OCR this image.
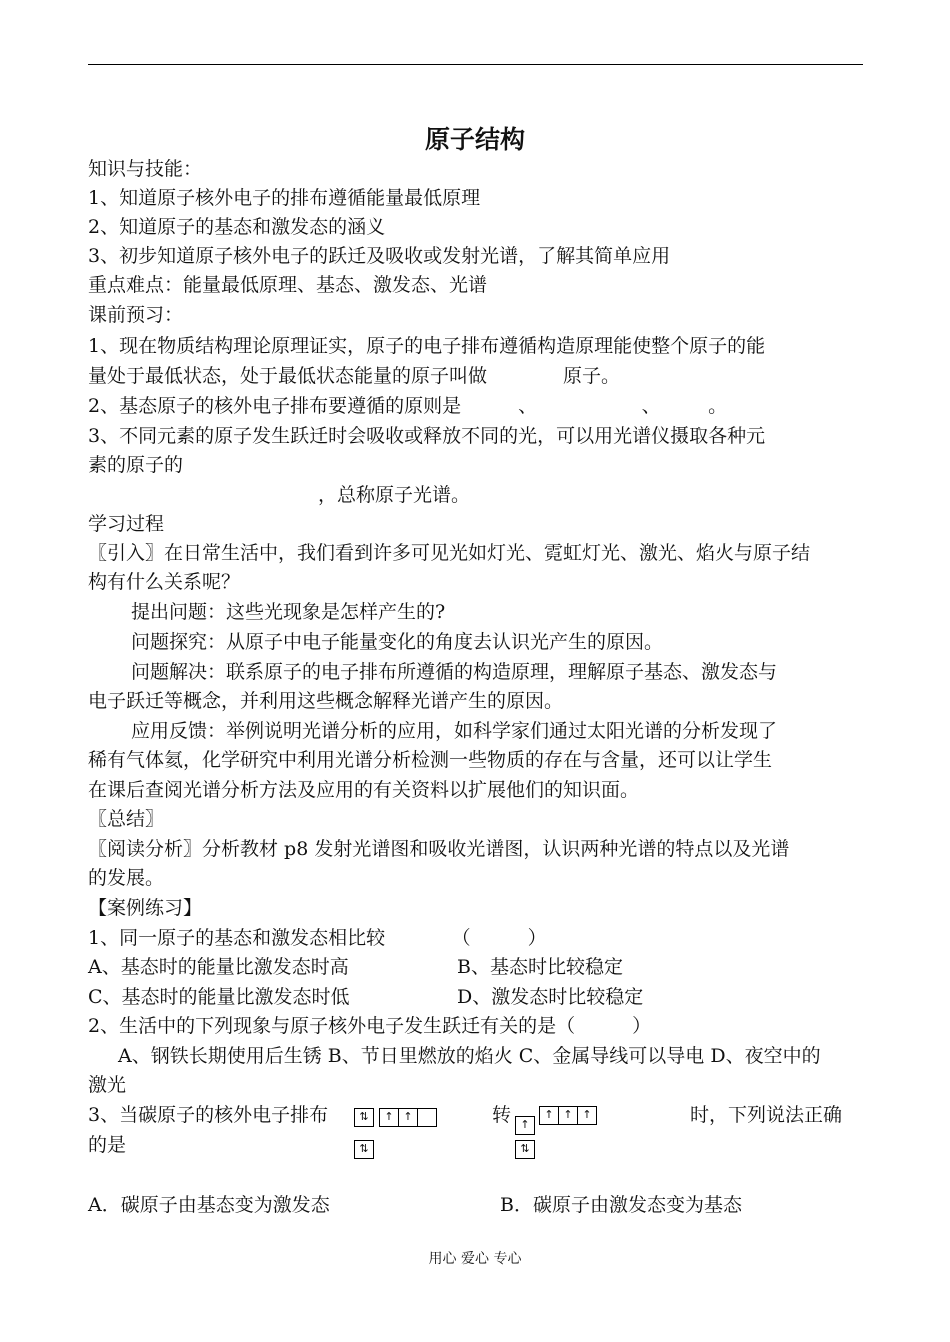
原子结构
知识与技能：
1、知道原子核外电子的排布遵循能量最低原理
2、知道原子的基态和激发态的涵义
3、初步知道原子核外电子的跃迁及吸收或发射光谱，了解其简单应用
重点难点：能量最低原理、基态、激发态、光谱
课前预习：
1、现在物质结构理论原理证实，原子的电子排布遵循构造原理能使整个原子的能
量处于最低状态，处于最低状态能量的原子叫做　　　　原子。
2、基态原子的核外电子排布要遵循的原则是　　　、　　　　　　、　　　。
3、不同元素的原子发生跃迁时会吸收或释放不同的光，可以用光谱仪摄取各种元
素的原子的
，总称原子光谱。
学习过程
〖引入〗在日常生活中，我们看到许多可见光如灯光、霓虹灯光、激光、焰火与原子结
构有什么关系呢？
提出问题：这些光现象是怎样产生的?
问题探究：从原子中电子能量变化的角度去认识光产生的原因。
问题解决：联系原子的电子排布所遵循的构造原理，理解原子基态、激发态与
电子跃迁等概念，并利用这些概念解释光谱产生的原因。
应用反馈：举例说明光谱分析的应用，如科学家们通过太阳光谱的分析发现了
稀有气体氦，化学研究中利用光谱分析检测一些物质的存在与含量，还可以让学生
在课后查阅光谱分析方法及应用的有关资料以扩展他们的知识面。
〖总结〗
〖阅读分析〗分析教材 p8 发射光谱图和吸收光谱图，认识两种光谱的特点以及光谱
的发展。
【案例练习】
1、同一原子的基态和激发态相比较　　　　（　　　）
A、基态时的能量比激发态时高	B、基态时比较稳定
C、基态时的能量比激发态时低	D、激发态时比较稳定
2、生活中的下列现象与原子核外电子发生跃迁有关的是（　　　）
A、钢铁长期使用后生锈 B、节日里燃放的焰火 C、金属导线可以导电 D、夜空中的
激光
3、当碳原子的核外电子排布	转	时，下列说法正确
的是
⇅	↑ ↑
⇅
↑
↑ ↑ ↑
⇅
A．碳原子由基态变为激发态	B．碳原子由激发态变为基态
用心 爱心 专心
